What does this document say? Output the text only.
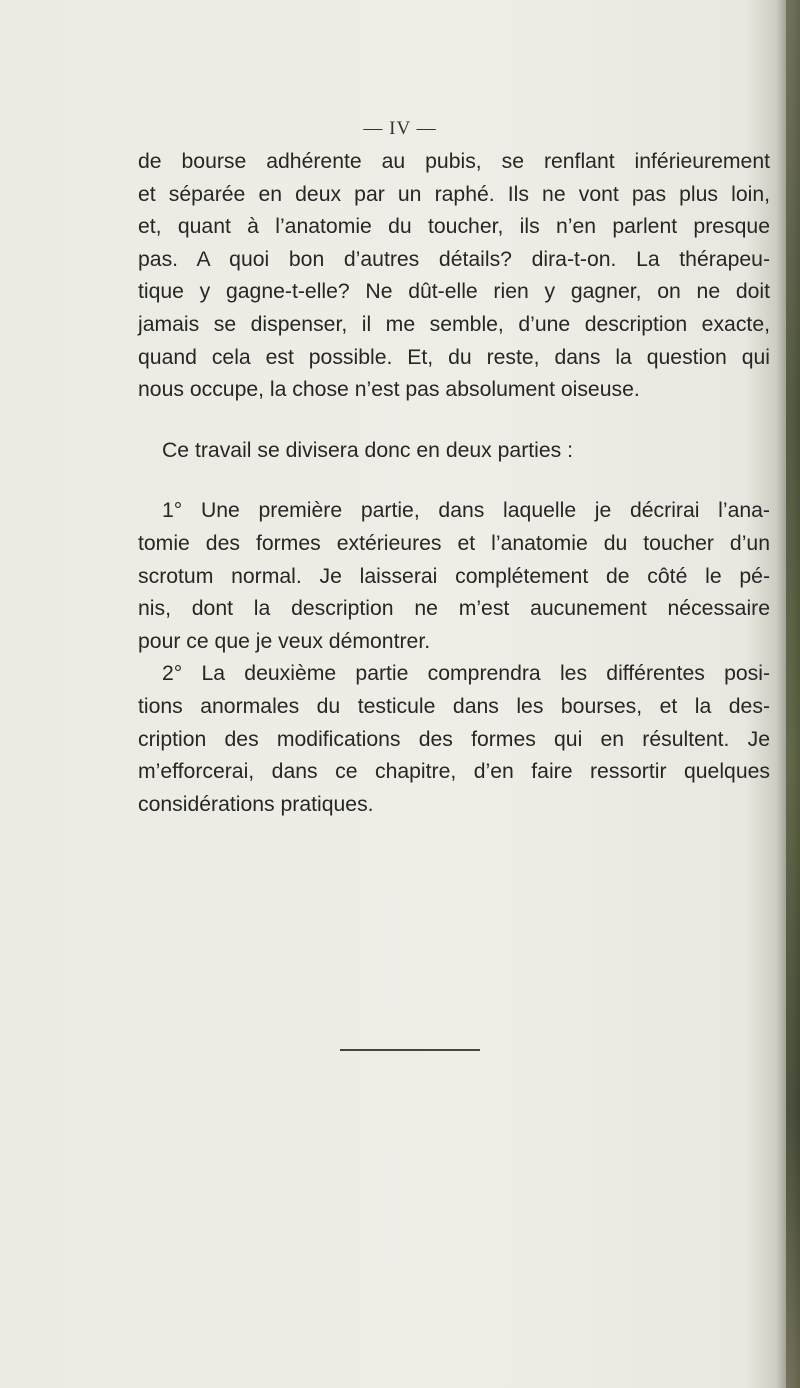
— IV —
de bourse adhérente au pubis, se renflant inférieurement
et séparée en deux par un raphé. Ils ne vont pas plus loin,
et, quant à l’anatomie du toucher, ils n’en parlent presque
pas. A quoi bon d’autres détails? dira-t-on. La thérapeu-
tique y gagne-t-elle? Ne dût-elle rien y gagner, on ne doit
jamais se dispenser, il me semble, d’une description exacte,
quand cela est possible. Et, du reste, dans la question qui
nous occupe, la chose n’est pas absolument oiseuse.
Ce travail se divisera donc en deux parties :
1° Une première partie, dans laquelle je décrirai l’ana-
tomie des formes extérieures et l’anatomie du toucher d’un
scrotum normal. Je laisserai complétement de côté le pé-
nis, dont la description ne m’est aucunement nécessaire
pour ce que je veux démontrer.
2° La deuxième partie comprendra les différentes posi-
tions anormales du testicule dans les bourses, et la des-
cription des modifications des formes qui en résultent. Je
m’efforcerai, dans ce chapitre, d’en faire ressortir quelques
considérations pratiques.
